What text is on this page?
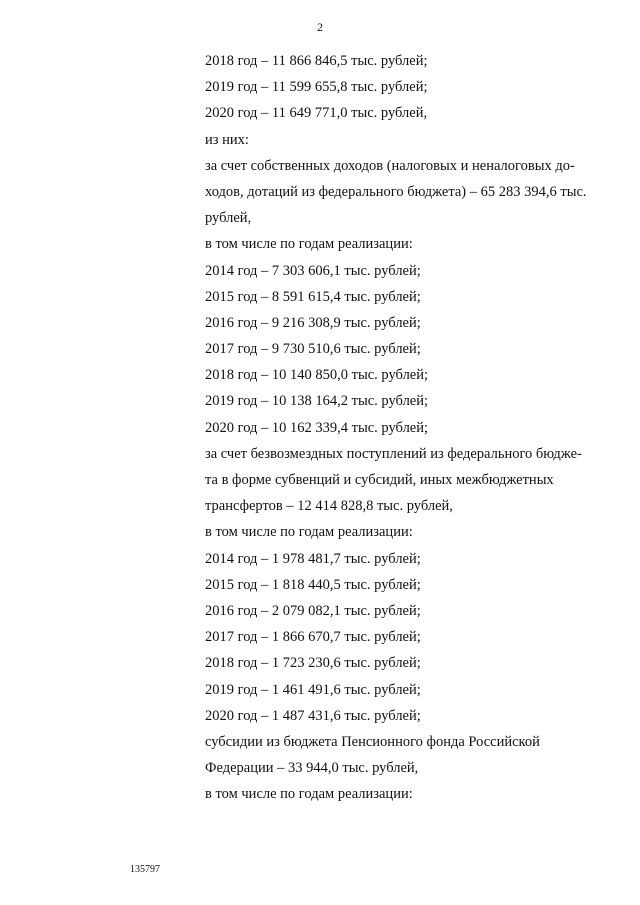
2
2018 год – 11 866 846,5 тыс. рублей;
2019 год – 11 599 655,8 тыс. рублей;
2020 год – 11 649 771,0 тыс. рублей,
из них:
за счет собственных доходов (налоговых и неналоговых до-
ходов, дотаций из федерального бюджета) – 65 283 394,6 тыс.
рублей,
в том числе по годам реализации:
2014 год – 7 303 606,1 тыс. рублей;
2015 год – 8 591 615,4 тыс. рублей;
2016 год – 9 216 308,9 тыс. рублей;
2017 год – 9 730 510,6 тыс. рублей;
2018 год – 10 140 850,0 тыс. рублей;
2019 год – 10 138 164,2 тыс. рублей;
2020 год – 10 162 339,4 тыс. рублей;
за счет безвозмездных поступлений из федерального бюдже-
та в форме субвенций и субсидий, иных межбюджетных
трансфертов – 12 414 828,8 тыс. рублей,
в том числе по годам реализации:
2014 год – 1 978 481,7 тыс. рублей;
2015 год – 1 818 440,5 тыс. рублей;
2016 год – 2 079 082,1 тыс. рублей;
2017 год – 1 866 670,7 тыс. рублей;
2018 год – 1 723 230,6 тыс. рублей;
2019 год – 1 461 491,6 тыс. рублей;
2020 год – 1 487 431,6 тыс. рублей;
субсидии из бюджета Пенсионного фонда Российской
Федерации – 33 944,0 тыс. рублей,
в том числе по годам реализации:
135797
